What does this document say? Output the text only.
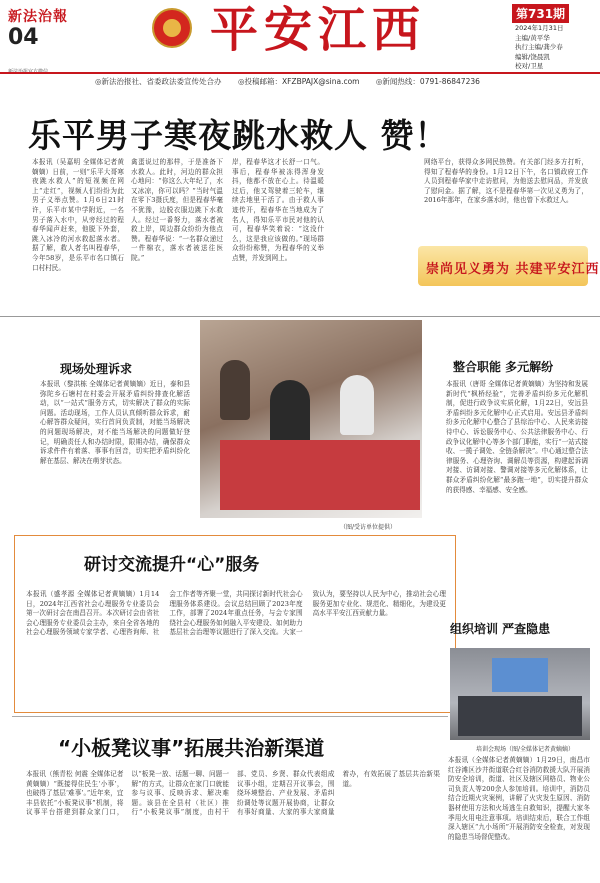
新法治報
04	平安江西	第731期
2024年1月31日
主编/黄平华
执行主编/龚少春
编辑/饶晨凯
校对/卫星
◎新法治报社、省委政法委宣传处合办 ◎投稿邮箱：XFZBPAJX@sina.com ◎新闻热线：0791-86847236
乐平男子寒夜跳水救人 赞！
本报讯（吴嘉明 全媒体记者黄嫡嫡）日前，一则“乐平大哥寒夜跳水救人”的短视频在网上“走红”，视频人们纷纷为此男子义举点赞。1月6日21时许，乐平市某中学附近，一名男子落入水中，从旁经过的程春华闻声赶来，他脱下外套，跳入冰冷的河水救起落水者。据了解，救人者名叫程春华，今年58岁，是乐平市名口镇石口村村民。
禽蛋说过的那样，于是准备下水救人。此时，河边的群众担心地问：“你这么大年纪了，水又冰凉，你可以吗？”当时气温在零下3摄氏度，但是程春华毫不犹豫，边脱衣服边跳下水救人。经过一番努力，落水者被救上岸，周边群众纷纷为他点赞。程春华说：“一名群众递过一件棉衣，落水者被送往医院。”
岸，程春华这才长舒一口气。事后，程春华被冻得浑身发抖，他都不放在心上。待温暖过后，他又驾驶着三轮车，继续去地里干活了。由于救人事迹传开，程春华在当地成为了名人，得知乐平市民对他的认可，程春华笑着说：“这没什么，这是我应该做的。”现场群众纷纷称赞，为程春华的义举点赞，并发到网上。
网络平台，获得众多网民热赞。有关部门经多方打听，得知了程春华的身份。1月12日下午，名口镇政府工作人员到程春华家中走访慰问，为他送去慰问品，并发放了慰问金。据了解，这不是程春华第一次见义勇为了，2016年那年，在家乡落水时，他也曾下水救过人。
崇尚见义勇为 共建平安江西
现场处理诉求
本报讯（黎洪栋 全媒体记者黄嫡嫡）近日，泰和县弥陀乡石塘村在村委会开展矛盾纠纷排查化解活动，以“一站式”服务方式，切实解决了群众的实际问题。活动现场，工作人员认真倾听群众诉求，耐心解答群众疑问，实行首问负责制，对能当场解决的问题现场解决，对不能当场解决的问题做好登记，明确责任人和办结时限，限期办结，确保群众诉求件件有着落、事事有回音，切实把矛盾纠纷化解在基层、解决在萌芽状态。
（图/受访单位提供）
整合职能 多元解纷
本报讯（唐哥 全媒体记者黄嫡嫡）为坚持和发展新时代“枫桥经验”，完善矛盾纠纷多元化解机制，促进行政争议实质化解，1月22日，安远县矛盾纠纷多元化解中心正式启用。安远县矛盾纠纷多元化解中心整合了县综治中心、人民来访接待中心、诉讼服务中心、公共法律服务中心、行政争议化解中心等多个部门职能，实行“一站式接收、一揽子调处、全链条解决”。中心通过整合法律服务、心理咨询、调解员等资源，构建起诉调对接、访调对接、警调对接等多元化解体系，让群众矛盾纠纷化解“最多跑一地”，切实提升群众的获得感、幸福感、安全感。
研讨交流提升“心”服务
本报讯（盛孝源 全媒体记者黄嫡嫡）1月14日，2024年江西省社会心理服务专业委员会第一次研讨会在南昌召开。本次研讨会由省社会心理服务专业委员会主办，来自全省各地的社会心理服务领域专家学者、心理咨询师、社会工作者等齐聚一堂，共同探讨新时代社会心理服务体系建设。会议总结回顾了2023年度工作，部署了2024年重点任务，与会专家围绕社会心理服务如何融入平安建设、如何助力基层社会治理等议题进行了深入交流。大家一致认为，要坚持以人民为中心，推动社会心理服务更加专业化、规范化、精细化，为建设更高水平平安江西贡献力量。
组织培训 严查隐患
培训会现场（图/全媒体记者黄嫡嫡）
本报讯（全媒体记者黄嫡嫡）1月29日，南昌市红谷滩区沙井街道联合红谷消防救援大队开展消防安全培训，街道、社区及辖区网格员、物业公司负责人等200余人参加培训。培训中，消防员结合近期火灾案例，讲解了火灾发生原因、消防器材使用方法和火场逃生自救知识，提醒大家冬季用火用电注意事项。培训结束后，联合工作组深入辖区“九小场所”开展消防安全检查，对发现的隐患当场督促整改。
“小板凳议事”拓展共治新渠道
本报讯（熊青松 何震 全媒体记者黄嫡嫡）“既接得住民生‘小事’，也破得了基层‘难事’。”近年来，宜丰县依托“小板凳议事”机制，将议事平台搭建到群众家门口，以“板凳一放、话题一聊、问题一解”的方式，让群众在家门口就能参与议事、反映诉求、解决难题。该县在全县村（社区）推行“小板凳议事”制度，由村干部、党员、乡贤、群众代表组成议事小组，定期召开议事会，围绕环境整治、产业发展、矛盾纠纷调处等议题开展协商，让群众有事好商量、大家的事大家商量着办，有效拓展了基层共治新渠道。
